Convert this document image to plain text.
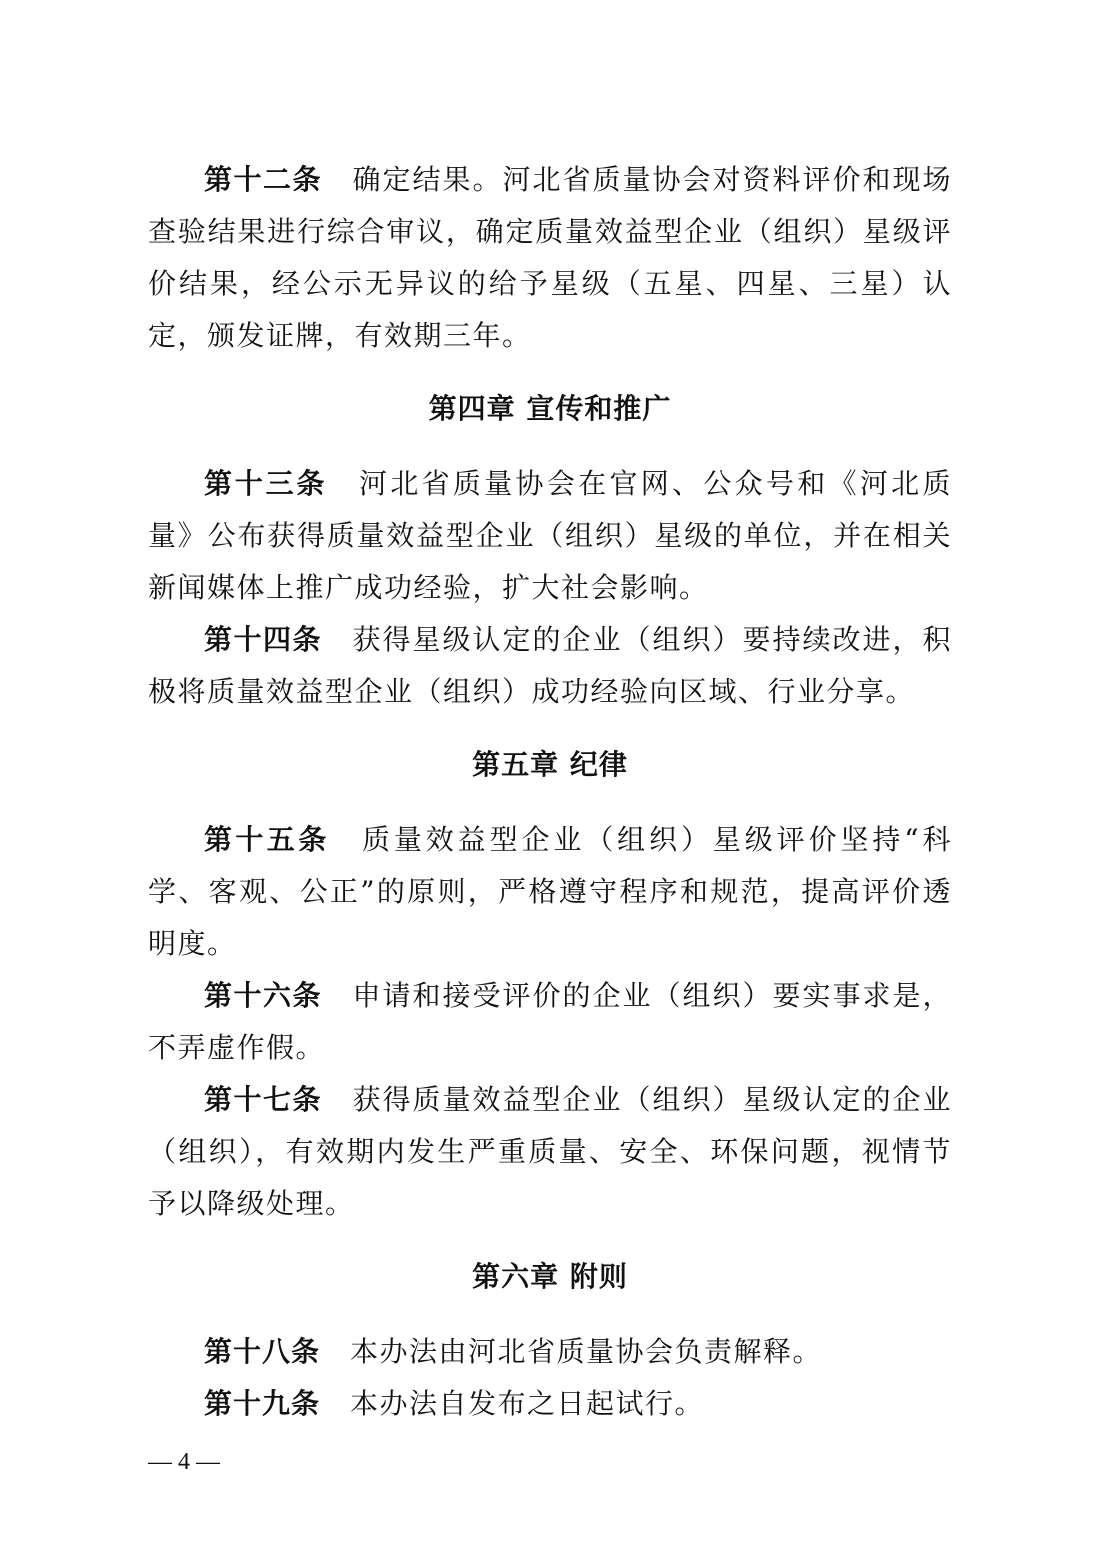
第十二条 确定结果。河北省质量协会对资料评价和现场查验结果进行综合审议，确定质量效益型企业（组织）星级评价结果，经公示无异议的给予星级（五星、四星、三星）认定，颁发证牌，有效期三年。

第四章 宣传和推广

第十三条 河北省质量协会在官网、公众号和《河北质量》公布获得质量效益型企业（组织）星级的单位，并在相关新闻媒体上推广成功经验，扩大社会影响。

第十四条 获得星级认定的企业（组织）要持续改进，积极将质量效益型企业（组织）成功经验向区域、行业分享。

第五章 纪律

第十五条 质量效益型企业（组织）星级评价坚持“科学、客观、公正”的原则，严格遵守程序和规范，提高评价透明度。

第十六条 申请和接受评价的企业（组织）要实事求是，不弄虚作假。

第十七条 获得质量效益型企业（组织）星级认定的企业（组织），有效期内发生严重质量、安全、环保问题，视情节予以降级处理。

第六章 附则

第十八条 本办法由河北省质量协会负责解释。

第十九条 本办法自发布之日起试行。

— 4 —
